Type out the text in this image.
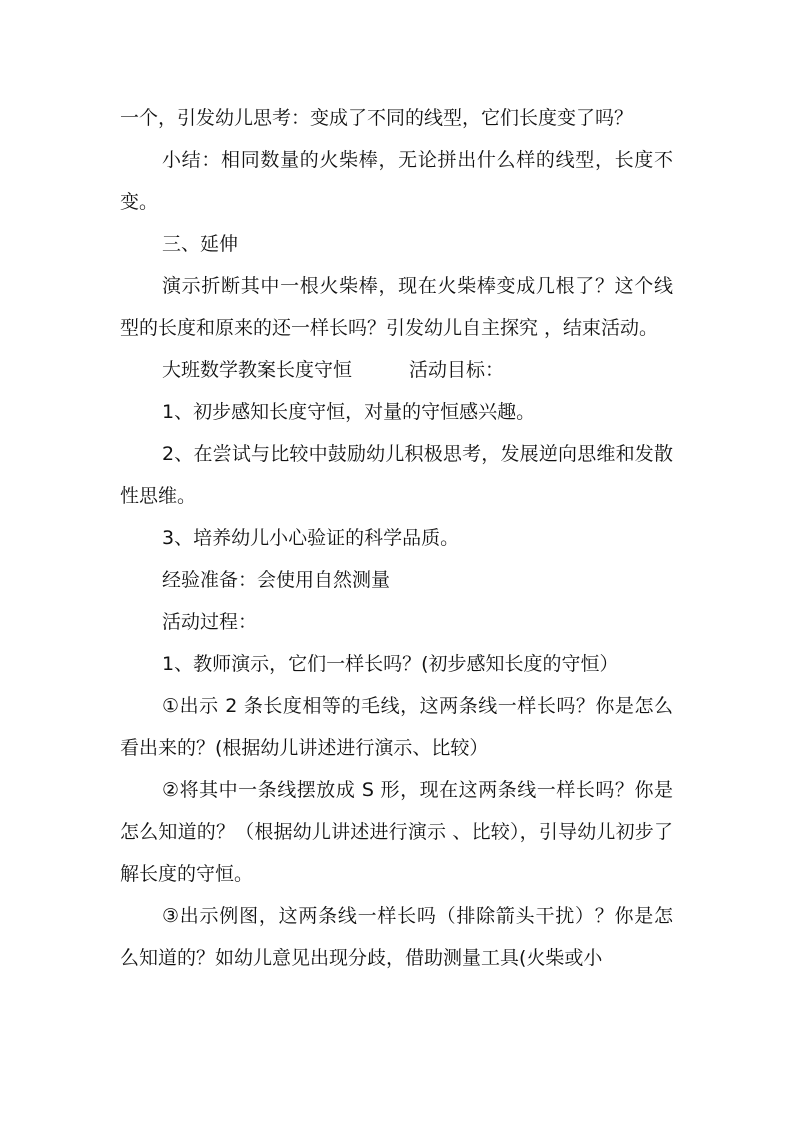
一个，引发幼儿思考：变成了不同的线型，它们长度变了吗？

小结：相同数量的火柴棒，无论拼出什么样的线型，长度不变。

三、延伸

演示折断其中一根火柴棒，现在火柴棒变成几根了？这个线型的长度和原来的还一样长吗？引发幼儿自主探究 ，结束活动。

大班数学教案长度守恒　　　活动目标：

1、初步感知长度守恒，对量的守恒感兴趣。

2、在尝试与比较中鼓励幼儿积极思考，发展逆向思维和发散性思维。

3、培养幼儿小心验证的科学品质。

经验准备：会使用自然测量

活动过程：

1、教师演示，它们一样长吗？(初步感知长度的守恒）

①出示 2 条长度相等的毛线，这两条线一样长吗？你是怎么看出来的？(根据幼儿讲述进行演示、比较）

②将其中一条线摆放成 S 形，现在这两条线一样长吗？你是怎么知道的？（根据幼儿讲述进行演示 、比较），引导幼儿初步了解长度的守恒。

③出示例图，这两条线一样长吗（排除箭头干扰）？你是怎么知道的？如幼儿意见出现分歧，借助测量工具(火柴或小
